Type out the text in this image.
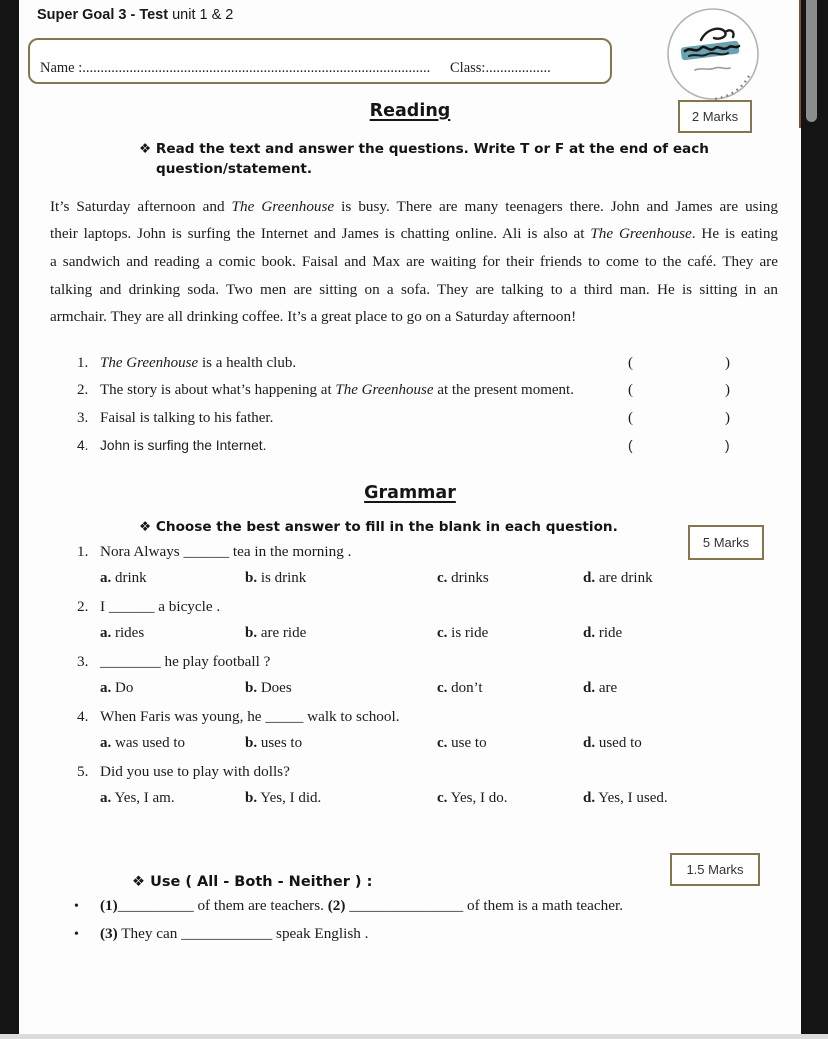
Super Goal 3 - Test unit 1 & 2
Name :................................................................................................	Class:..................
Reading	2 Marks
❖ Read the text and answer the questions. Write T or F at the end of each
question/statement.
It’s Saturday afternoon and The Greenhouse is busy. There are many teenagers there. John and James are using
their laptops. John is surfing the Internet and James is chatting online. Ali is also at The Greenhouse. He is eating
a sandwich and reading a comic book. Faisal and Max are waiting for their friends to come to the café. They are
talking and drinking soda. Two men are sitting on a sofa. They are talking to a third man. He is sitting in an
armchair. They are all drinking coffee. It’s a great place to go on a Saturday afternoon!
1. The Greenhouse is a health club.	(	)
2. The story is about what’s happening at The Greenhouse at the present moment.	(	)
3. Faisal is talking to his father.	(	)
4. John is surfing the Internet.	(	)
Grammar
❖ Choose the best answer to fill in the blank in each question.
5 Marks
1. Nora Always ______ tea in the morning .
a. drink	b. is drink	c. drinks	d. are drink
2. I ______ a bicycle .
a. rides	b. are ride	c. is ride	d. ride
3. ________ he play football ?
a. Do	b. Does	c. don’t	d. are
4. When Faris was young, he _____ walk to school.
a. was used to	b. uses to	c. use to	d. used to
5. Did you use to play with dolls?
a. Yes, I am.	b. Yes, I did.	c. Yes, I do.	d. Yes, I used.
1.5 Marks
❖ Use ( All - Both - Neither ) :
• (1)__________ of them are teachers. (2) _______________ of them is a math teacher.
• (3) They can ____________ speak English .
